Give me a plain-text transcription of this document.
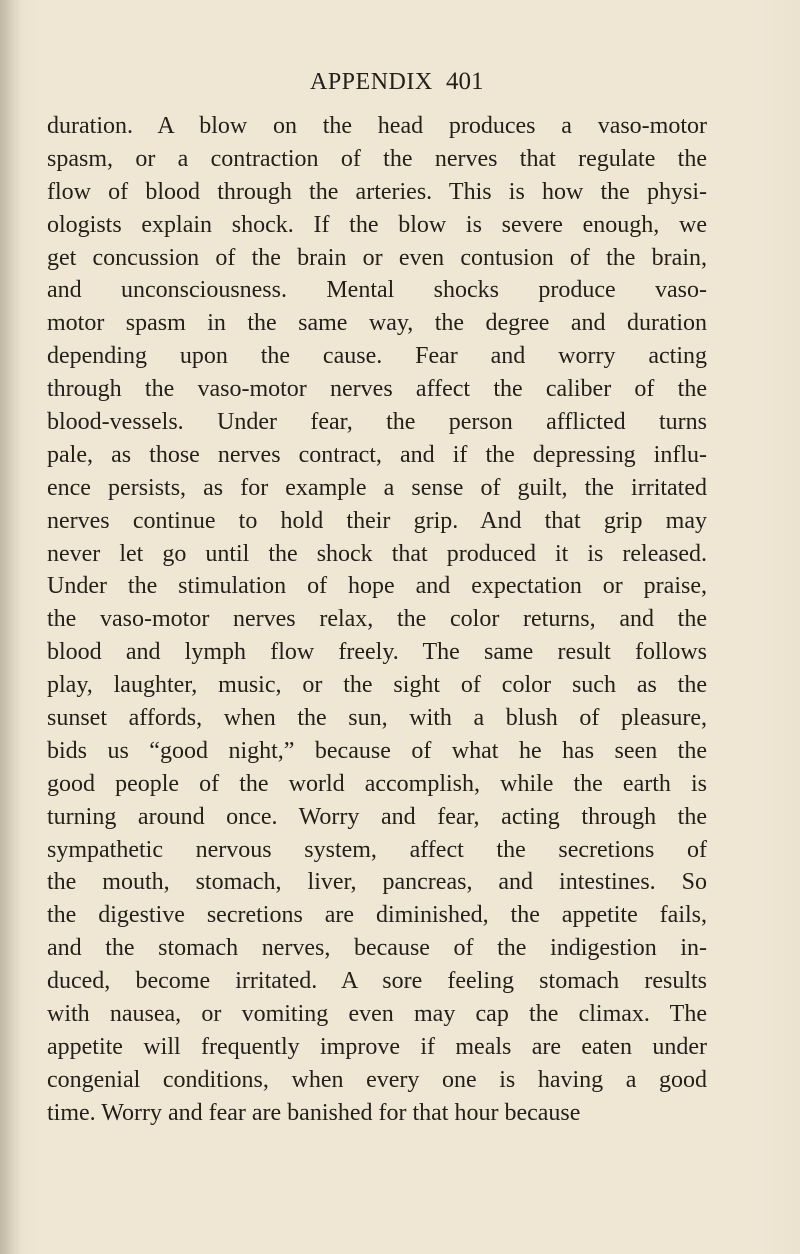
APPENDIX 401
duration. A blow on the head produces a vaso-motor
spasm, or a contraction of the nerves that regulate the
flow of blood through the arteries. This is how the physi-
ologists explain shock. If the blow is severe enough, we
get concussion of the brain or even contusion of the brain,
and unconsciousness. Mental shocks produce vaso-
motor spasm in the same way, the degree and duration
depending upon the cause. Fear and worry acting
through the vaso-motor nerves affect the caliber of the
blood-vessels. Under fear, the person afflicted turns
pale, as those nerves contract, and if the depressing influ-
ence persists, as for example a sense of guilt, the irritated
nerves continue to hold their grip. And that grip may
never let go until the shock that produced it is released.
Under the stimulation of hope and expectation or praise,
the vaso-motor nerves relax, the color returns, and the
blood and lymph flow freely. The same result follows
play, laughter, music, or the sight of color such as the
sunset affords, when the sun, with a blush of pleasure,
bids us “good night,” because of what he has seen the
good people of the world accomplish, while the earth is
turning around once. Worry and fear, acting through the
sympathetic nervous system, affect the secretions of
the mouth, stomach, liver, pancreas, and intestines. So
the digestive secretions are diminished, the appetite fails,
and the stomach nerves, because of the indigestion in-
duced, become irritated. A sore feeling stomach results
with nausea, or vomiting even may cap the climax. The
appetite will frequently improve if meals are eaten under
congenial conditions, when every one is having a good
time. Worry and fear are banished for that hour because
